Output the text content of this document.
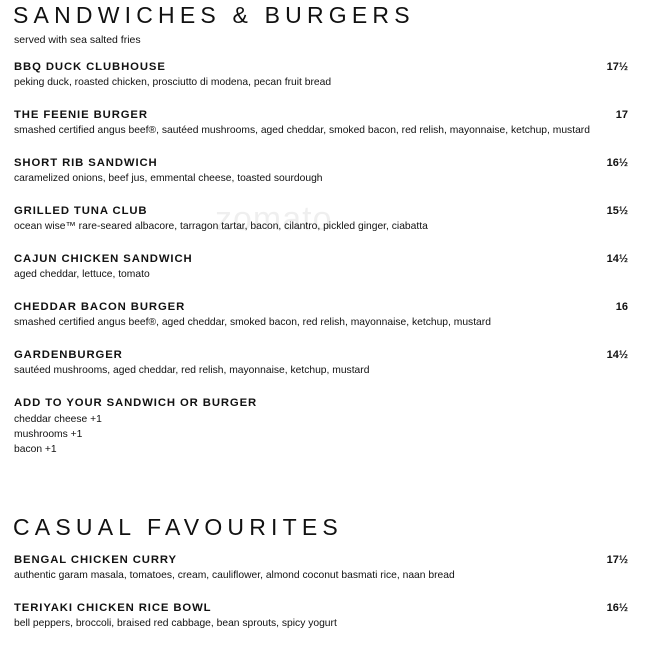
zomato
SANDWICHES & BURGERS
served with sea salted fries
BBQ DUCK CLUBHOUSE	17½
peking duck, roasted chicken, prosciutto di modena, pecan fruit bread
THE FEENIE BURGER	17
smashed certified angus beef®, sautéed mushrooms, aged cheddar, smoked bacon, red relish, mayonnaise, ketchup, mustard
SHORT RIB SANDWICH	16½
caramelized onions, beef jus, emmental cheese, toasted sourdough
GRILLED TUNA CLUB	15½
ocean wise™ rare-seared albacore, tarragon tartar, bacon, cilantro, pickled ginger, ciabatta
CAJUN CHICKEN SANDWICH	14½
aged cheddar, lettuce, tomato
CHEDDAR BACON BURGER	16
smashed certified angus beef®, aged cheddar, smoked bacon, red relish, mayonnaise, ketchup, mustard
GARDENBURGER	14½
sautéed mushrooms, aged cheddar, red relish, mayonnaise, ketchup, mustard
ADD TO YOUR SANDWICH OR BURGER
cheddar cheese +1
mushrooms +1
bacon +1
CASUAL FAVOURITES
BENGAL CHICKEN CURRY	17½
authentic garam masala, tomatoes, cream, cauliflower, almond coconut basmati rice, naan bread
TERIYAKI CHICKEN RICE BOWL	16½
bell peppers, broccoli, braised red cabbage, bean sprouts, spicy yogurt
